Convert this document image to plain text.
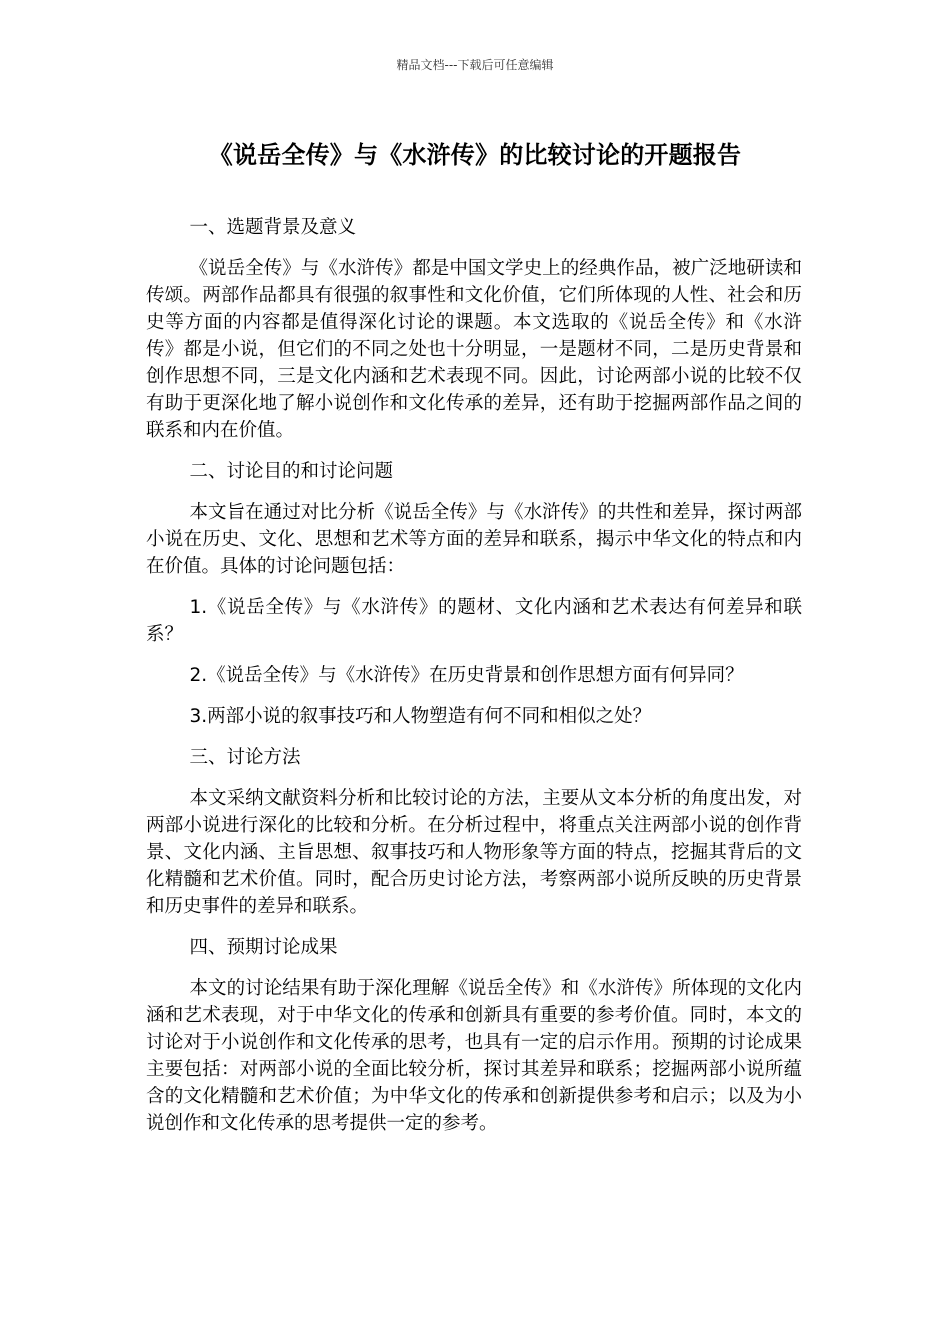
精品文档---下载后可任意编辑
《说岳全传》与《水浒传》的比较讨论的开题报告

一、选题背景及意义

《说岳全传》与《水浒传》都是中国文学史上的经典作品，被广泛地研读和传颂。两部作品都具有很强的叙事性和文化价值，它们所体现的人性、社会和历史等方面的内容都是值得深化讨论的课题。本文选取的《说岳全传》和《水浒传》都是小说，但它们的不同之处也十分明显，一是题材不同，二是历史背景和创作思想不同，三是文化内涵和艺术表现不同。因此，讨论两部小说的比较不仅有助于更深化地了解小说创作和文化传承的差异，还有助于挖掘两部作品之间的联系和内在价值。

二、讨论目的和讨论问题

本文旨在通过对比分析《说岳全传》与《水浒传》的共性和差异，探讨两部小说在历史、文化、思想和艺术等方面的差异和联系，揭示中华文化的特点和内在价值。具体的讨论问题包括：

1.《说岳全传》与《水浒传》的题材、文化内涵和艺术表达有何差异和联系？

2.《说岳全传》与《水浒传》在历史背景和创作思想方面有何异同？

3.两部小说的叙事技巧和人物塑造有何不同和相似之处？

三、讨论方法

本文采纳文献资料分析和比较讨论的方法，主要从文本分析的角度出发，对两部小说进行深化的比较和分析。在分析过程中，将重点关注两部小说的创作背景、文化内涵、主旨思想、叙事技巧和人物形象等方面的特点，挖掘其背后的文化精髓和艺术价值。同时，配合历史讨论方法，考察两部小说所反映的历史背景和历史事件的差异和联系。

四、预期讨论成果

本文的讨论结果有助于深化理解《说岳全传》和《水浒传》所体现的文化内涵和艺术表现，对于中华文化的传承和创新具有重要的参考价值。同时，本文的讨论对于小说创作和文化传承的思考，也具有一定的启示作用。预期的讨论成果主要包括：对两部小说的全面比较分析，探讨其差异和联系；挖掘两部小说所蕴含的文化精髓和艺术价值；为中华文化的传承和创新提供参考和启示；以及为小说创作和文化传承的思考提供一定的参考。
